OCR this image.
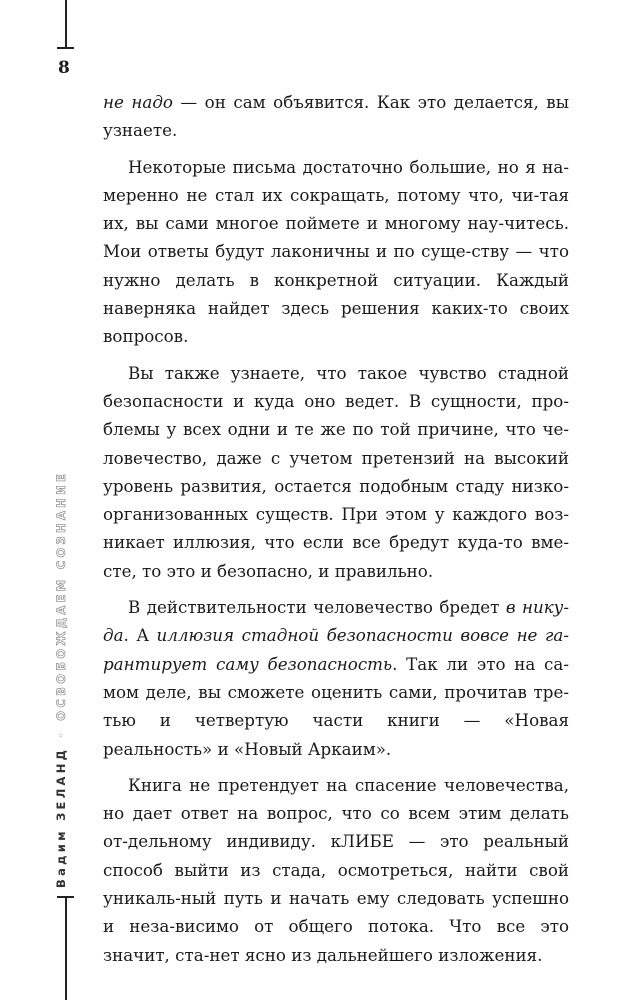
8
Вадим ЗЕЛАНД◦ОСВОБОЖДАЕМ СОЗНАНИЕ

не надо — он сам объявится. Как это делается, вы узнаете.

Некоторые письма достаточно большие, но я на-меренно не стал их сокращать, потому что, чи-тая их, вы сами многое поймете и многому нау-читесь. Мои ответы будут лаконичны и по суще-ству — что нужно делать в конкретной ситуации. Каждый наверняка найдет здесь решения каких-то своих вопросов.

Вы также узнаете, что такое чувство стадной безопасности и куда оно ведет. В сущности, про-блемы у всех одни и те же по той причине, что че-ловечество, даже с учетом претензий на высокий уровень развития, остается подобным стаду низко-организованных существ. При этом у каждого воз-никает иллюзия, что если все бредут куда-то вме-сте, то это и безопасно, и правильно.

В действительности человечество бредет в нику-да. А иллюзия стадной безопасности вовсе не га-рантирует саму безопасность. Так ли это на са-мом деле, вы сможете оценить сами, прочитав тре-тью и четвертую части книги — «Новая реальность» и «Новый Аркаим».

Книга не претендует на спасение человечества, но дает ответ на вопрос, что со всем этим делать от-дельному индивиду. кЛИБЕ — это реальный способ выйти из стада, осмотреться, найти свой уникаль-ный путь и начать ему следовать успешно и неза-висимо от общего потока. Что все это значит, ста-нет ясно из дальнейшего изложения.
